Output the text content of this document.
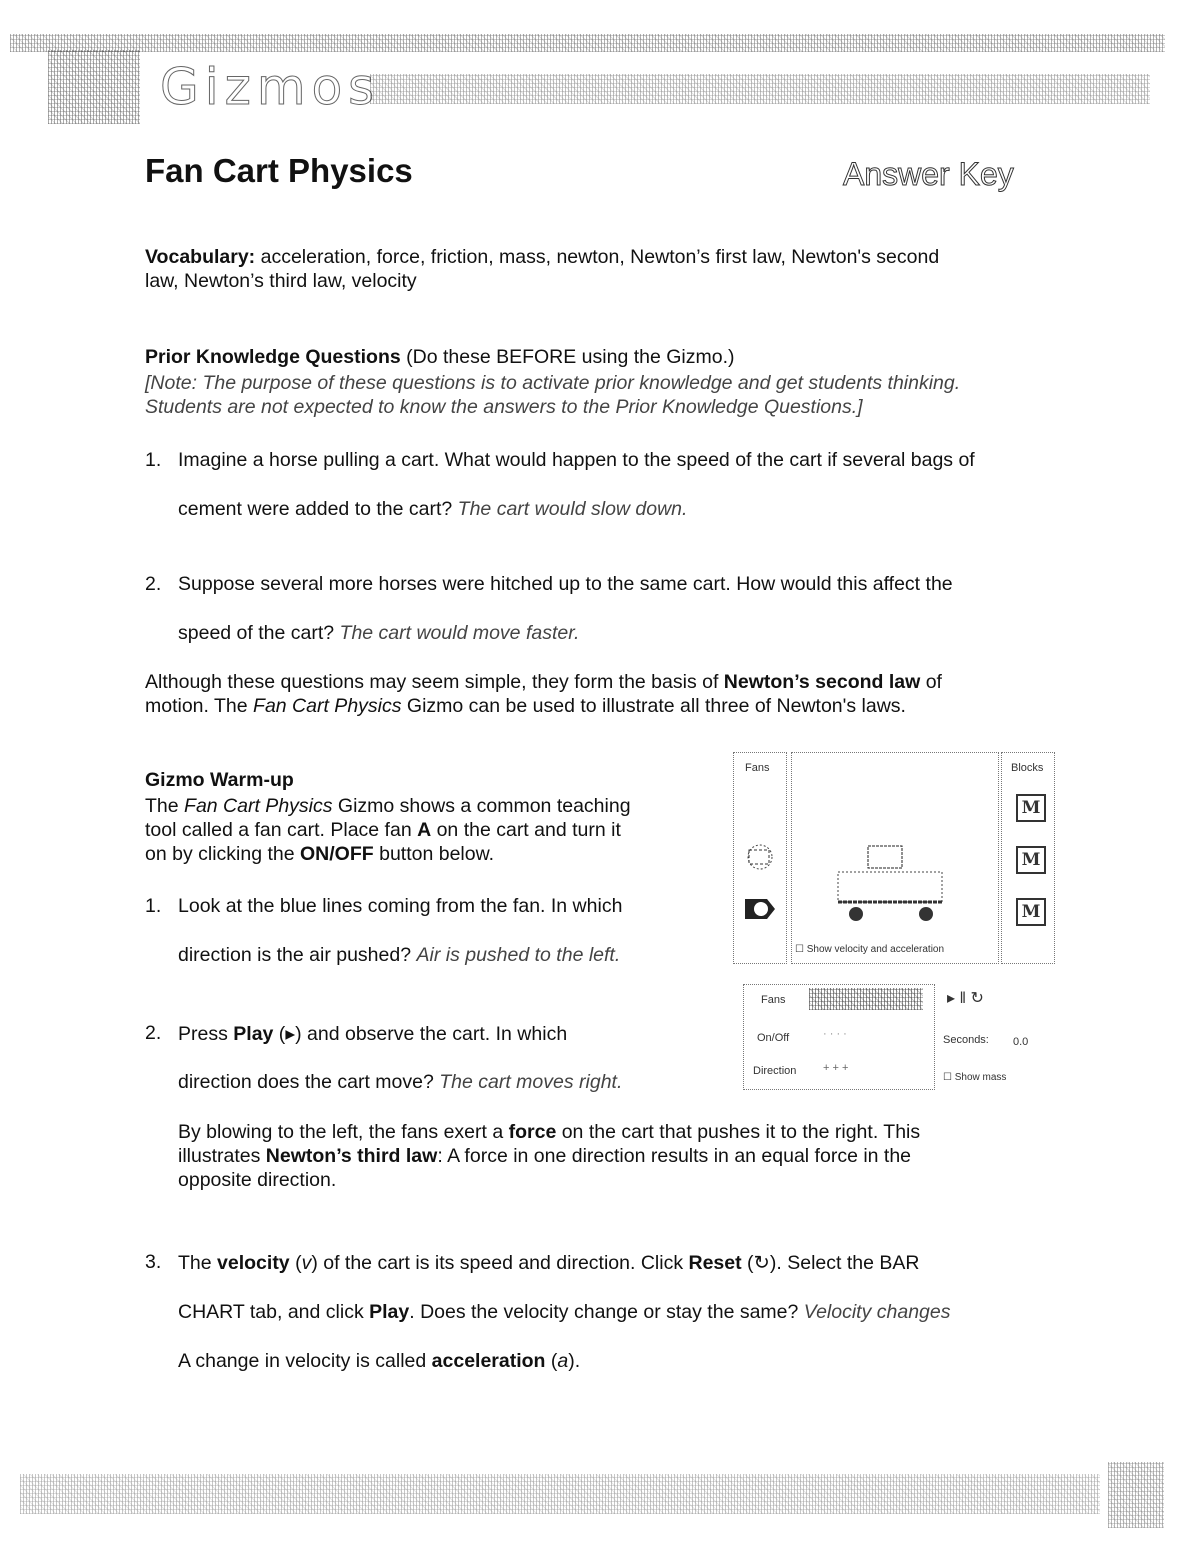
Gizmos
Fan Cart Physics	Answer Key
Vocabulary: acceleration, force, friction, mass, newton, Newton’s first law, Newton's second
law, Newton’s third law, velocity
Prior Knowledge Questions (Do these BEFORE using the Gizmo.)
[Note: The purpose of these questions is to activate prior knowledge and get students thinking.
Students are not expected to know the answers to the Prior Knowledge Questions.]
1. Imagine a horse pulling a cart. What would happen to the speed of the cart if several bags of
cement were added to the cart? The cart would slow down.
2. Suppose several more horses were hitched up to the same cart. How would this affect the
speed of the cart? The cart would move faster.
Although these questions may seem simple, they form the basis of Newton’s second law of
motion. The Fan Cart Physics Gizmo can be used to illustrate all three of Newton's laws.
Gizmo Warm-up
The Fan Cart Physics Gizmo shows a common teaching
tool called a fan cart. Place fan A on the cart and turn it
on by clicking the ON/OFF button below.
1. Look at the blue lines coming from the fan. In which
direction is the air pushed? Air is pushed to the left.
2. Press Play (▸) and observe the cart. In which
direction does the cart move? The cart moves right.
By blowing to the left, the fans exert a force on the cart that pushes it to the right. This
illustrates Newton’s third law: A force in one direction results in an equal force in the
opposite direction.
3. The velocity (v) of the cart is its speed and direction. Click Reset (↻). Select the BAR
CHART tab, and click Play. Does the velocity change or stay the same? Velocity changes
A change in velocity is called acceleration (a).
Fans
☐ Show velocity and acceleration
Blocks
M
M
M
Fans
On/Off	· · · ·
Direction + + +
▸ ‖ ↻
Seconds: 0.0
☐ Show mass
